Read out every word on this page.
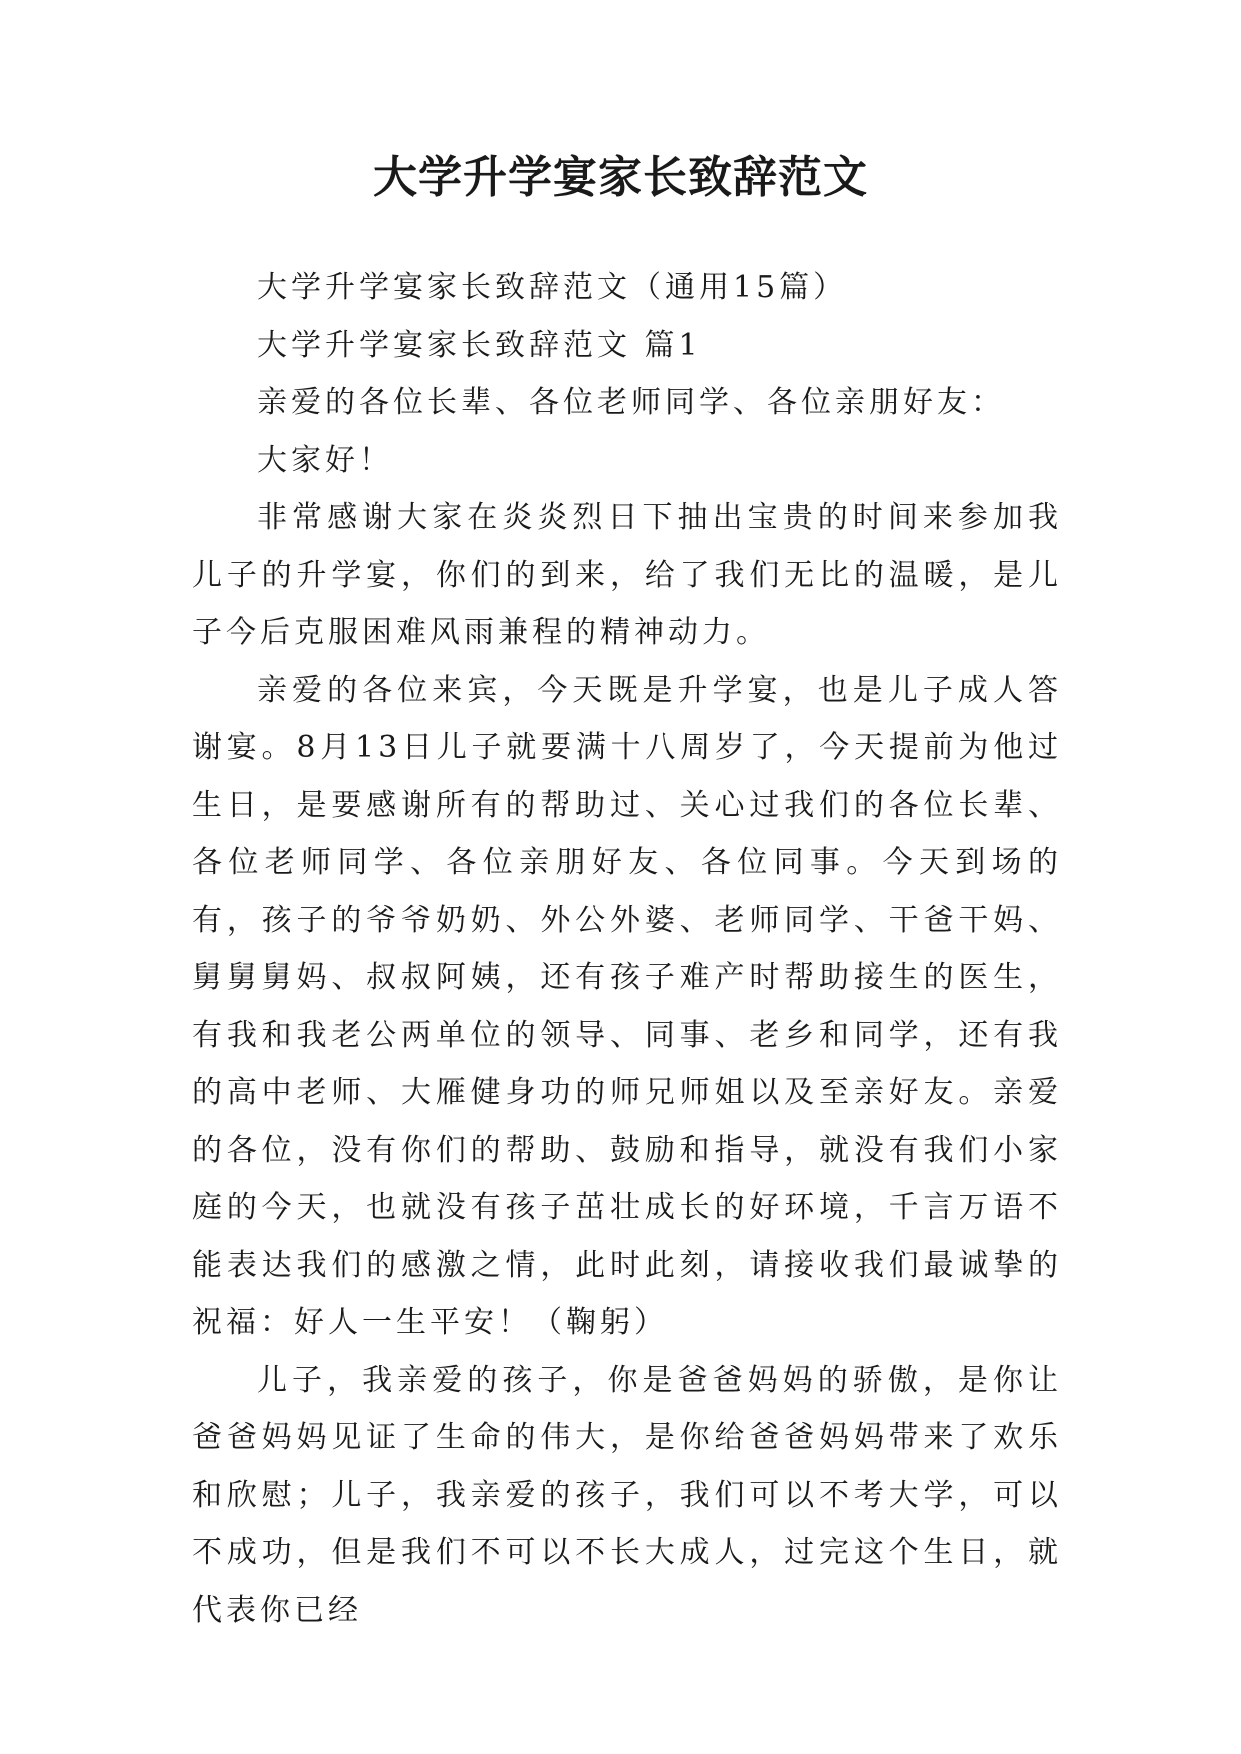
大学升学宴家长致辞范文

大学升学宴家长致辞范文（通用15篇）

大学升学宴家长致辞范文 篇1

亲爱的各位长辈、各位老师同学、各位亲朋好友：

大家好！

非常感谢大家在炎炎烈日下抽出宝贵的时间来参加我儿子的升学宴，你们的到来，给了我们无比的温暖，是儿子今后克服困难风雨兼程的精神动力。

亲爱的各位来宾，今天既是升学宴，也是儿子成人答谢宴。8月13日儿子就要满十八周岁了，今天提前为他过生日，是要感谢所有的帮助过、关心过我们的各位长辈、各位老师同学、各位亲朋好友、各位同事。今天到场的有，孩子的爷爷奶奶、外公外婆、老师同学、干爸干妈、舅舅舅妈、叔叔阿姨，还有孩子难产时帮助接生的医生，有我和我老公两单位的领导、同事、老乡和同学，还有我的高中老师、大雁健身功的师兄师姐以及至亲好友。亲爱的各位，没有你们的帮助、鼓励和指导，就没有我们小家庭的今天，也就没有孩子茁壮成长的好环境，千言万语不能表达我们的感激之情，此时此刻，请接收我们最诚挚的祝福：好人一生平安！（鞠躬）

儿子，我亲爱的孩子，你是爸爸妈妈的骄傲，是你让爸爸妈妈见证了生命的伟大，是你给爸爸妈妈带来了欢乐和欣慰；儿子，我亲爱的孩子，我们可以不考大学，可以不成功，但是我们不可以不长大成人，过完这个生日，就代表你已经
